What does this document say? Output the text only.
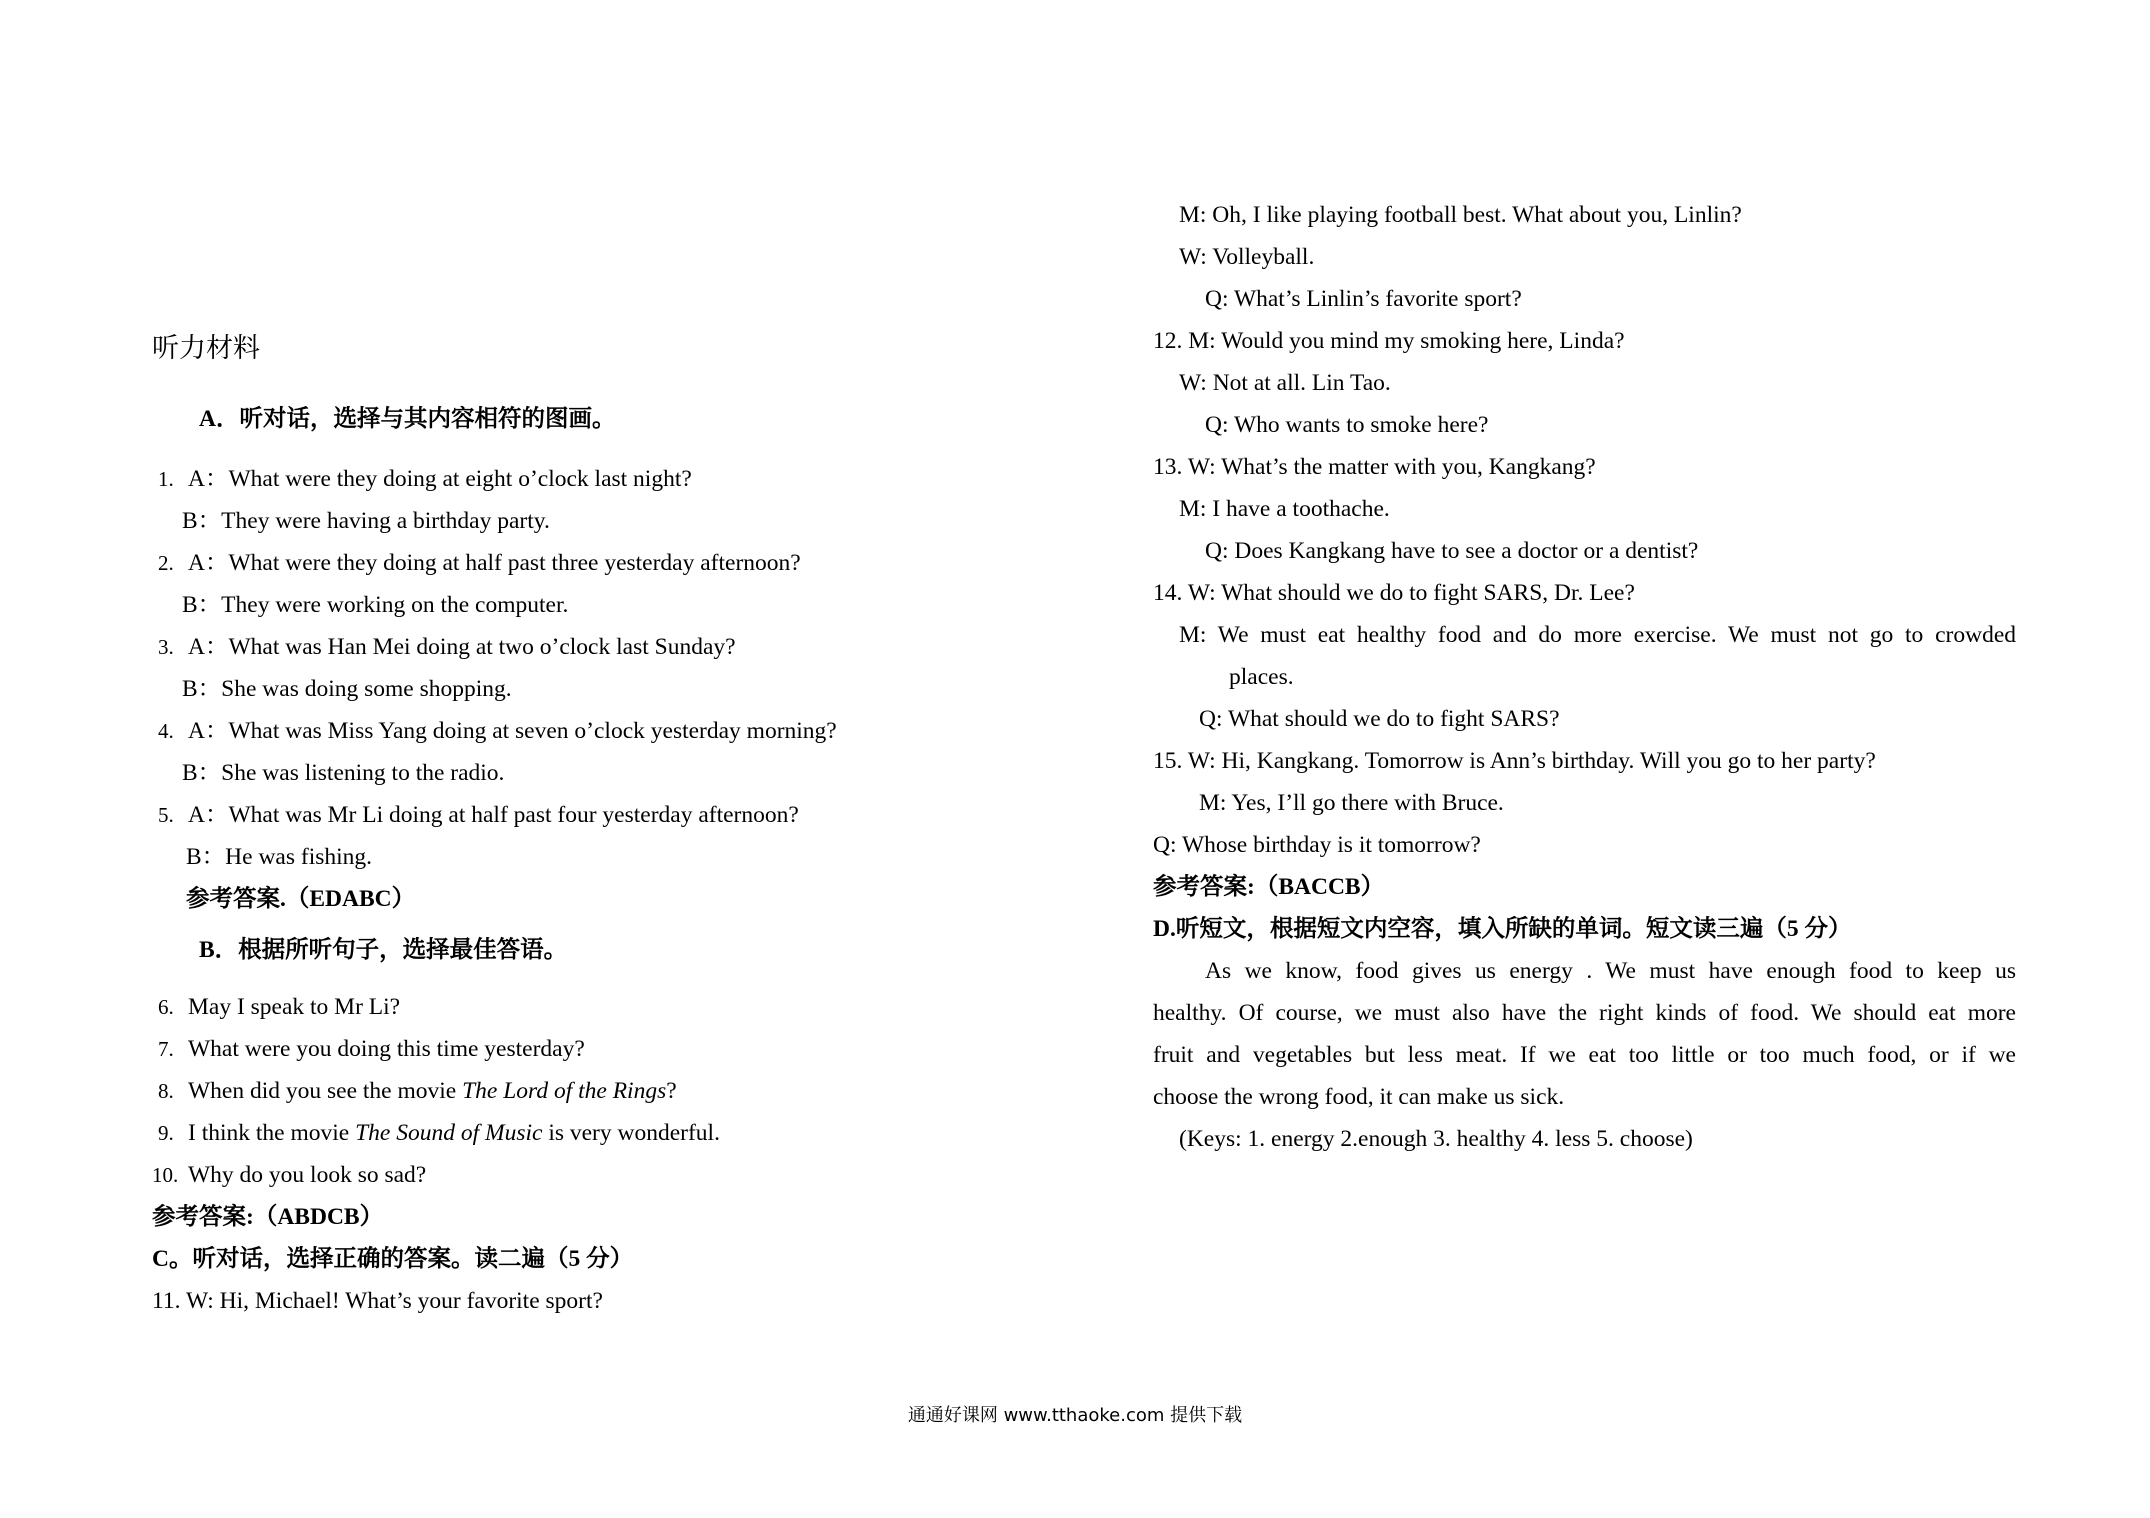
听力材料
A．听对话，选择与其内容相符的图画。
1. A：What were they doing at eight o’clock last night?
B：They were having a birthday party.
2. A：What were they doing at half past three yesterday afternoon?
B：They were working on the computer.
3. A：What was Han Mei doing at two o’clock last Sunday?
B：She was doing some shopping.
4. A：What was Miss Yang doing at seven o’clock yesterday morning?
B：She was listening to the radio.
5. A：What was Mr Li doing at half past four yesterday afternoon?
B：He was fishing.
参考答案.（EDABC）
B．根据所听句子，选择最佳答语。
6. May I speak to Mr Li?
7. What were you doing this time yesterday?
8. When did you see the movie The Lord of the Rings?
9. I think the movie The Sound of Music is very wonderful.
10. Why do you look so sad?
参考答案:（ABDCB）
C。听对话，选择正确的答案。读二遍（5 分）
11. W: Hi, Michael! What’s your favorite sport?
M: Oh, I like playing football best. What about you, Linlin?
W: Volleyball.
Q: What’s Linlin’s favorite sport?
12. M: Would you mind my smoking here, Linda?
W: Not at all. Lin Tao.
Q: Who wants to smoke here?
13. W: What’s the matter with you, Kangkang?
M: I have a toothache.
Q: Does Kangkang have to see a doctor or a dentist?
14. W: What should we do to fight SARS, Dr. Lee?
M: We must eat healthy food and do more exercise. We must not go to crowded
places.
Q: What should we do to fight SARS?
15. W: Hi, Kangkang. Tomorrow is Ann’s birthday. Will you go to her party?
M: Yes, I’ll go there with Bruce.
Q: Whose birthday is it tomorrow?
参考答案:（BACCB）
D.听短文，根据短文内空容，填入所缺的单词。短文读三遍（5 分）
As we know, food gives us energy . We must have enough food to keep us
healthy. Of course, we must also have the right kinds of food. We should eat more
fruit and vegetables but less meat. If we eat too little or too much food, or if we
choose the wrong food, it can make us sick.
(Keys: 1. energy 2.enough 3. healthy 4. less 5. choose)
通通好课网 www.tthaoke.com 提供下载
